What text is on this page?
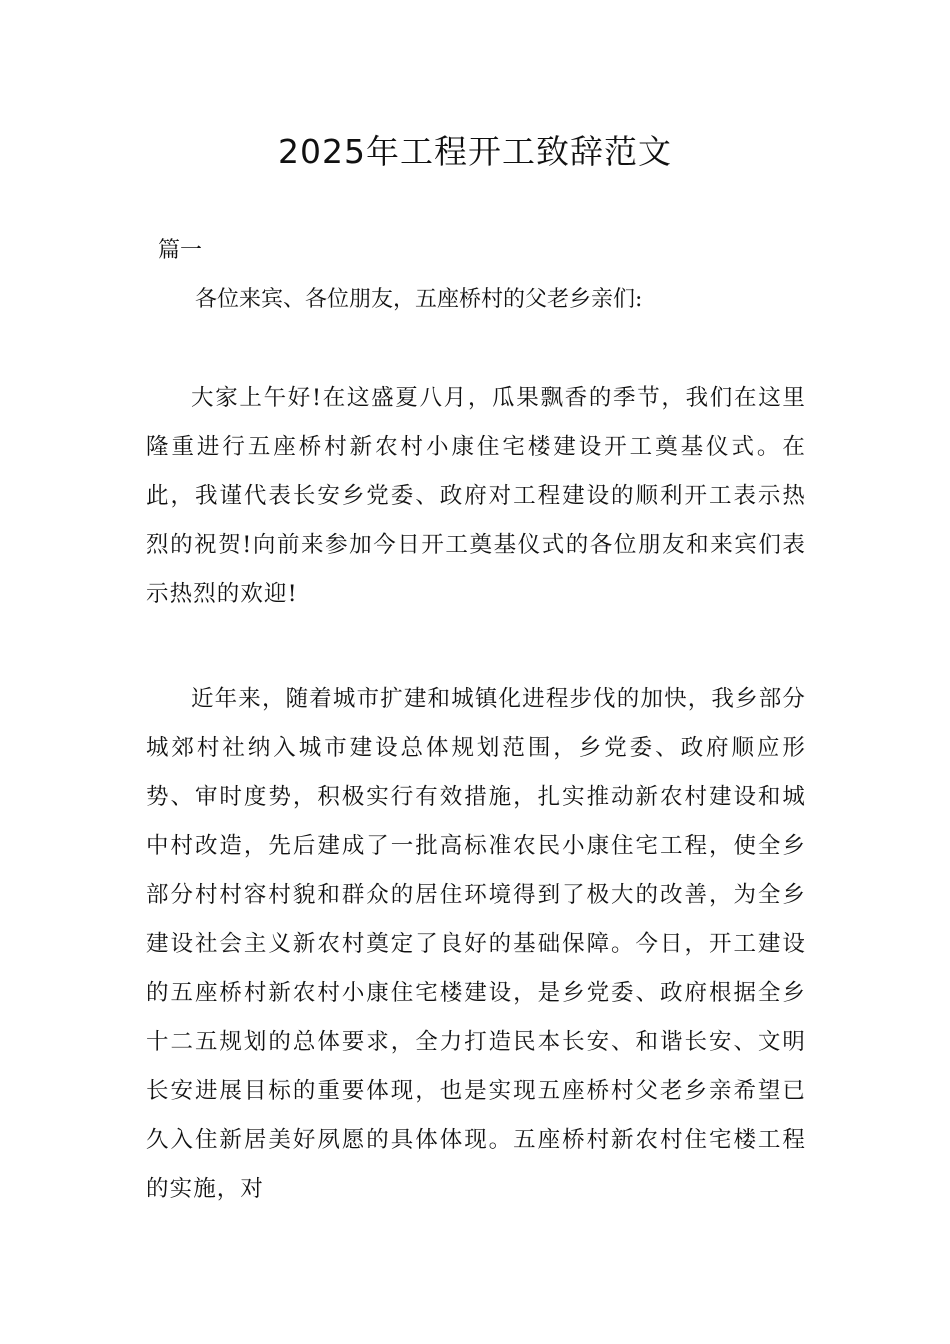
2025年工程开工致辞范文

篇一

各位来宾、各位朋友，五座桥村的父老乡亲们:

大家上午好!在这盛夏八月，瓜果飘香的季节，我们在这里隆重进行五座桥村新农村小康住宅楼建设开工奠基仪式。在此，我谨代表长安乡党委、政府对工程建设的顺利开工表示热烈的祝贺!向前来参加今日开工奠基仪式的各位朋友和来宾们表示热烈的欢迎!

近年来，随着城市扩建和城镇化进程步伐的加快，我乡部分城郊村社纳入城市建设总体规划范围，乡党委、政府顺应形势、审时度势，积极实行有效措施，扎实推动新农村建设和城中村改造，先后建成了一批高标准农民小康住宅工程，使全乡部分村村容村貌和群众的居住环境得到了极大的改善，为全乡建设社会主义新农村奠定了良好的基础保障。今日，开工建设的五座桥村新农村小康住宅楼建设，是乡党委、政府根据全乡十二五规划的总体要求，全力打造民本长安、和谐长安、文明长安进展目标的重要体现，也是实现五座桥村父老乡亲希望已久入住新居美好夙愿的具体体现。五座桥村新农村住宅楼工程的实施，对
